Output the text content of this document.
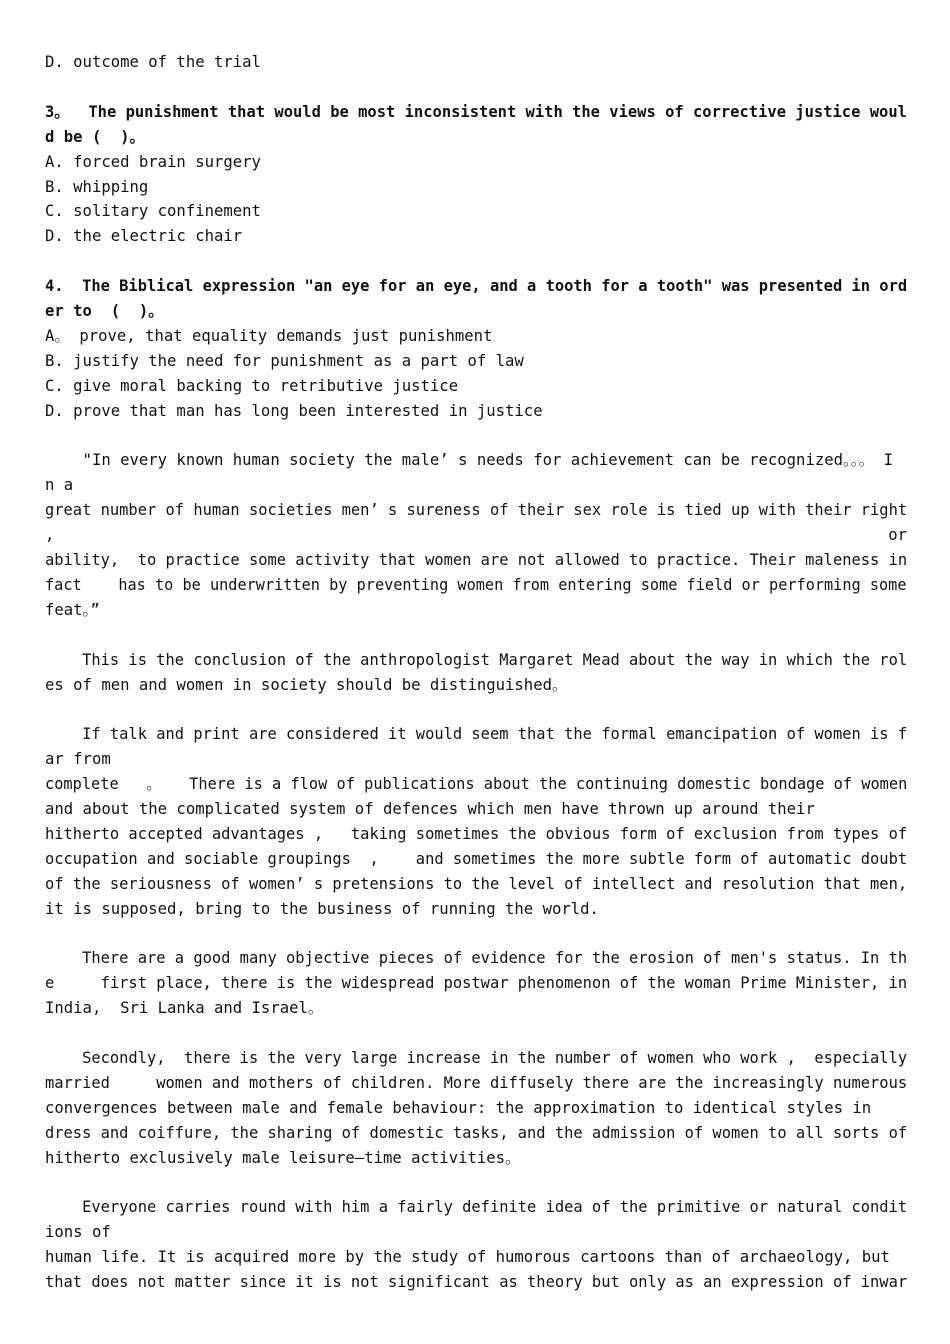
D. outcome of the trial
3。  The punishment that would be most inconsistent with the views of corrective justice woul
d be (  )。
A. forced brain surgery
B. whipping
C. solitary confinement
D. the electric chair
4.  The Biblical expression "an eye for an eye, and a tooth for a tooth" was presented in ord
er to  (  )。
A。 prove, that equality demands just punishment
B. justify the need for punishment as a part of law
C. give moral backing to retributive justice
D. prove that man has long been interested in justice
"In every known human society the male’ s needs for achievement can be recognized。。。 I
n a
great number of human societies men’ s sureness of their sex role is tied up with their right
,
ability,  to practice some activity that women are not allowed to practice. Their maleness in
fact    has to be underwritten by preventing women from entering some field or performing some
feat。”
This is the conclusion of the anthropologist Margaret Mead about the way in which the rol
es of men and women in society should be distinguished。
If talk and print are considered it would seem that the formal emancipation of women is f
ar from
complete   。   There is a flow of publications about the continuing domestic bondage of women
and about the complicated system of defences which men have thrown up around their
hitherto accepted advantages ,   taking sometimes the obvious form of exclusion from types of
occupation and sociable groupings  ,    and sometimes the more subtle form of automatic doubt
of the seriousness of women’ s pretensions to the level of intellect and resolution that men,
it is supposed, bring to the business of running the world.
There are a good many objective pieces of evidence for the erosion of men's status. In th
e     first place, there is the widespread postwar phenomenon of the woman Prime Minister, in
India,  Sri Lanka and Israel。
Secondly,  there is the very large increase in the number of women who work ,  especially
married     women and mothers of children. More diffusely there are the increasingly numerous
convergences between male and female behaviour: the approximation to identical styles in
dress and coiffure, the sharing of domestic tasks, and the admission of women to all sorts of
hitherto exclusively male leisure—time activities。
Everyone carries round with him a fairly definite idea of the primitive or natural condit
ions of
human life. It is acquired more by the study of humorous cartoons than of archaeology, but
that does not matter since it is not significant as theory but only as an expression of inwar
or
